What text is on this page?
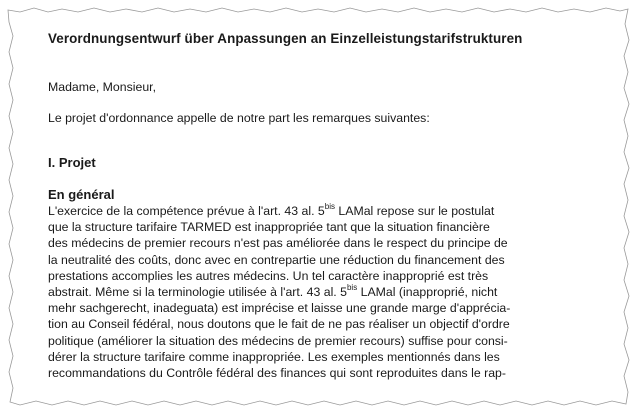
Verordnungsentwurf über Anpassungen an Einzelleistungstarifstrukturen
Madame, Monsieur,
Le projet d'ordonnance appelle de notre part les remarques suivantes:
I. Projet
En général
L'exercice de la compétence prévue à l'art. 43 al. $5^{bis}$ LAMal repose sur le postulat
que la structure tarifaire TARMED est inappropriée tant que la situation financière
des médecins de premier recours n'est pas améliorée dans le respect du principe de
la neutralité des coûts, donc avec en contrepartie une réduction du financement des
prestations accomplies les autres médecins. Un tel caractère inapproprié est très
abstrait. Même si la terminologie utilisée à l'art. 43 al. $5^{bis}$ LAMal (inapproprié, nicht
mehr sachgerecht, inadeguata) est imprécise et laisse une grande marge d'apprécia-
tion au Conseil fédéral, nous doutons que le fait de ne pas réaliser un objectif d'ordre
politique (améliorer la situation des médecins de premier recours) suffise pour consi-
dérer la structure tarifaire comme inappropriée. Les exemples mentionnés dans les
recommandations du Contrôle fédéral des finances qui sont reproduites dans le rap-
